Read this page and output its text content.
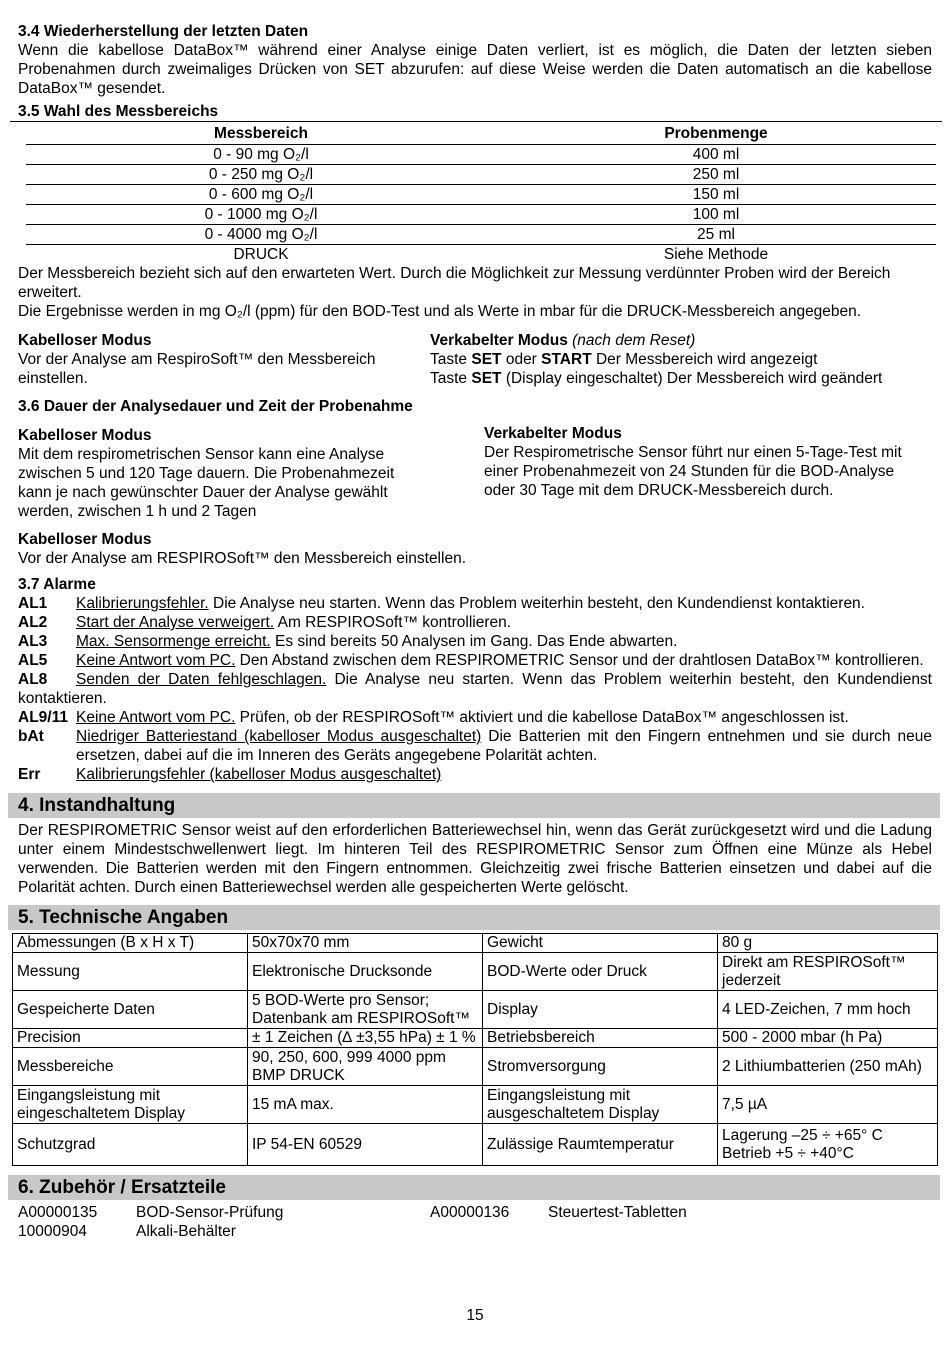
3.4 Wiederherstellung der letzten Daten

Wenn die kabellose DataBox™ während einer Analyse einige Daten verliert, ist es möglich, die Daten der letzten sieben Probenahmen durch zweimaliges Drücken von SET abzurufen: auf diese Weise werden die Daten automatisch an die kabellose DataBox™ gesendet.

3.5 Wahl des Messbereichs
Messbereich	Probenmenge
0 - 90 mg O₂/l	400 ml
0 - 250 mg O₂/l	250 ml
0 - 600 mg O₂/l	150 ml
0 - 1000 mg O₂/l	100 ml
0 - 4000 mg O₂/l	25 ml
DRUCK	Siehe Methode

Der Messbereich bezieht sich auf den erwarteten Wert. Durch die Möglichkeit zur Messung verdünnter Proben wird der Bereich erweitert.

Die Ergebnisse werden in mg O₂/l (ppm) für den BOD-Test und als Werte in mbar für die DRUCK-Messbereich angegeben.

Kabelloser Modus

Vor der Analyse am RespiroSoft™ den Messbereich einstellen.

Verkabelter Modus (nach dem Reset)

Taste SET oder START Der Messbereich wird angezeigt

Taste SET (Display eingeschaltet) Der Messbereich wird geändert

3.6 Dauer der Analysedauer und Zeit der Probenahme
Kabelloser Modus

Mit dem respirometrischen Sensor kann eine Analyse zwischen 5 und 120 Tage dauern. Die Probenahmezeit kann je nach gewünschter Dauer der Analyse gewählt werden, zwischen 1 h und 2 Tagen

Verkabelter Modus

Der Respirometrische Sensor führt nur einen 5-Tage-Test mit einer Probenahmezeit von 24 Stunden für die BOD-Analyse oder 30 Tage mit dem DRUCK-Messbereich durch.

Kabelloser Modus

Vor der Analyse am RESPIROSoft™ den Messbereich einstellen.

3.7 Alarme
AL1	Kalibrierungsfehler. Die Analyse neu starten. Wenn das Problem weiterhin besteht, den Kundendienst kontaktieren.
AL2	Start der Analyse verweigert. Am RESPIROSoft™ kontrollieren.
AL3	Max. Sensormenge erreicht. Es sind bereits 50 Analysen im Gang. Das Ende abwarten.
AL5 Keine Antwort vom PC. Den Abstand zwischen dem RESPIROMETRIC Sensor und der drahtlosen DataBox™ kontrollieren.
AL8 Senden der Daten fehlgeschlagen. Die Analyse neu starten. Wenn das Problem weiterhin besteht, den Kundendienst kontaktieren.
AL9/11 Keine Antwort vom PC. Prüfen, ob der RESPIROSoft™ aktiviert und die kabellose DataBox™ angeschlossen ist.
bAt	Niedriger Batteriestand (kabelloser Modus ausgeschaltet) Die Batterien mit den Fingern entnehmen und sie durch neue ersetzen, dabei auf die im Inneren des Geräts angegebene Polarität achten.
Err	Kalibrierungsfehler (kabelloser Modus ausgeschaltet)
4. Instandhaltung

Der RESPIROMETRIC Sensor weist auf den erforderlichen Batteriewechsel hin, wenn das Gerät zurückgesetzt wird und die Ladung unter einem Mindestschwellenwert liegt. Im hinteren Teil des RESPIROMETRIC Sensor zum Öffnen eine Münze als Hebel verwenden. Die Batterien werden mit den Fingern entnommen. Gleichzeitig zwei frische Batterien einsetzen und dabei auf die Polarität achten. Durch einen Batteriewechsel werden alle gespeicherten Werte gelöscht.

5. Technische Angaben
Abmessungen (B x H x T)	50x70x70 mm	Gewicht	80 g
Messung	Elektronische Drucksonde	BOD-Werte oder Druck	Direkt am RESPIROSoft™ jederzeit
Gespeicherte Daten	5 BOD-Werte pro Sensor; Datenbank am RESPIROSoft™	Display	4 LED-Zeichen, 7 mm hoch
Precision	± 1 Zeichen (∆ ±3,55 hPa) ± 1 %	Betriebsbereich	500 - 2000 mbar (h Pa)
Messbereiche	90, 250, 600, 999 4000 ppm BMP DRUCK	Stromversorgung	2 Lithiumbatterien (250 mAh)
Eingangsleistung mit eingeschaltetem Display	15 mA max.	Eingangsleistung mit ausgeschaltetem Display	7,5 µA
Schutzgrad	IP 54-EN 60529	Zulässige Raumtemperatur	Lagerung –25 ÷ +65° C Betrieb +5 ÷ +40°C
6. Zubehör / Ersatzteile
A00000135	BOD-Sensor-Prüfung	A00000136	Steuertest-Tabletten
10000904	Alkali-Behälter
15
